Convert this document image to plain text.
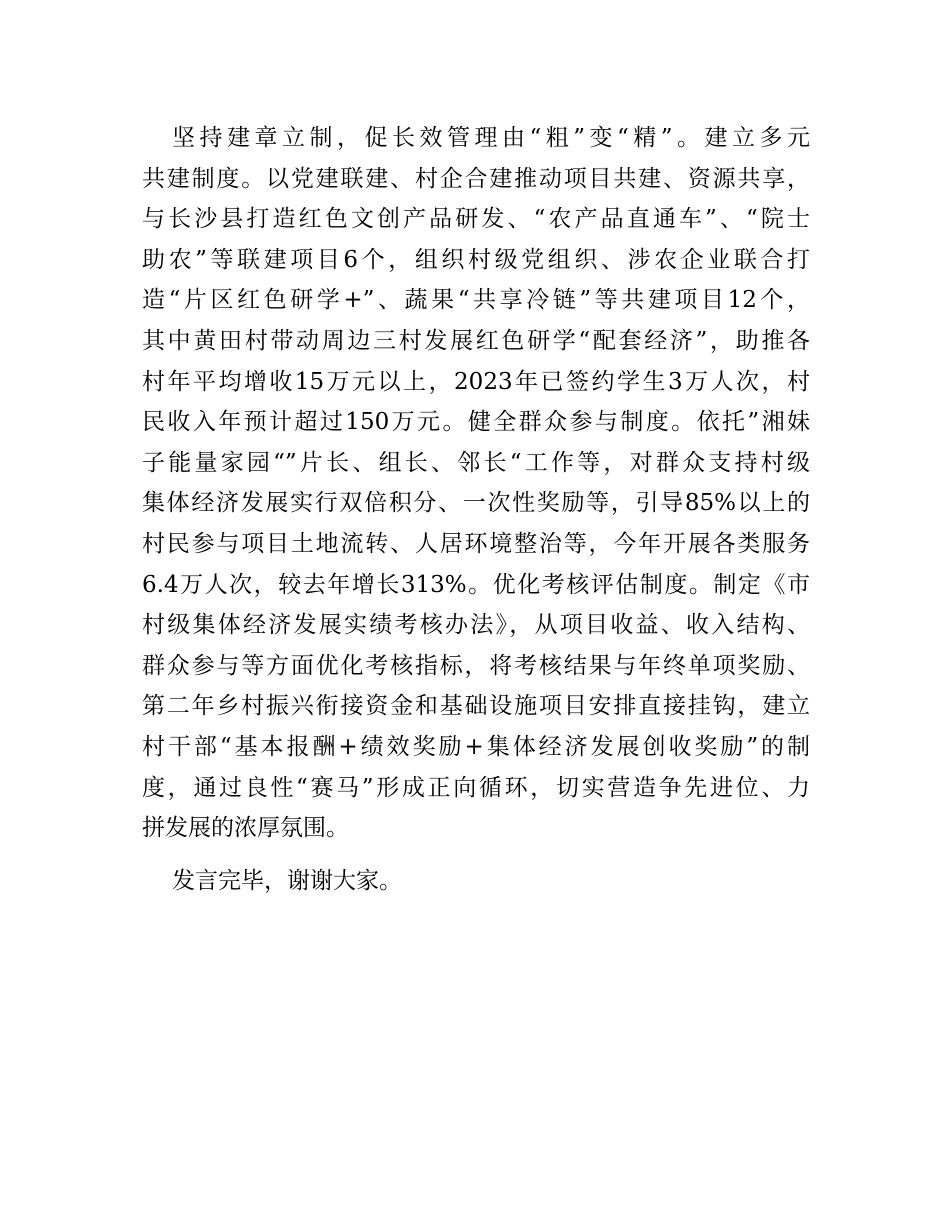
坚持建章立制，促长效管理由“粗”变“精”。建立多元
共建制度。以党建联建、村企合建推动项目共建、资源共享，
与长沙县打造红色文创产品研发、“农产品直通车”、“院士
助农”等联建项目6个，组织村级党组织、涉农企业联合打
造“片区红色研学+”、蔬果“共享冷链”等共建项目12个，
其中黄田村带动周边三村发展红色研学“配套经济”，助推各
村年平均增收15万元以上，2023年已签约学生3万人次，村
民收入年预计超过150万元。健全群众参与制度。依托”湘妹
子能量家园“”片长、组长、邻长“工作等，对群众支持村级
集体经济发展实行双倍积分、一次性奖励等，引导85%以上的
村民参与项目土地流转、人居环境整治等，今年开展各类服务
6.4万人次，较去年增长313%。优化考核评估制度。制定《市
村级集体经济发展实绩考核办法》，从项目收益、收入结构、
群众参与等方面优化考核指标，将考核结果与年终单项奖励、
第二年乡村振兴衔接资金和基础设施项目安排直接挂钩，建立
村干部“基本报酬+绩效奖励+集体经济发展创收奖励”的制
度，通过良性“赛马”形成正向循环，切实营造争先进位、力
拼发展的浓厚氛围。
发言完毕，谢谢大家。
